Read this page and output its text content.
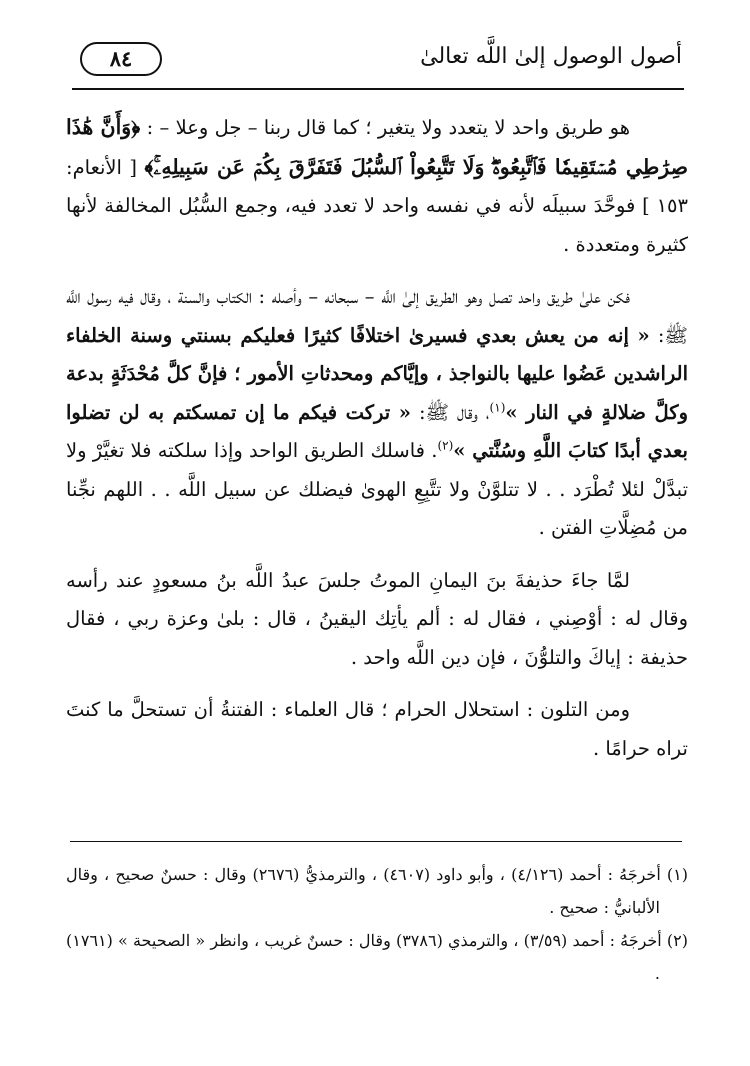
أصول الوصول إلىٰ اللَّه تعالىٰ
٨٤

هو طريق واحد لا يتعدد ولا يتغير ؛ كما قال ربنا – جل وعلا – : ﴿وَأَنَّ هَٰذَا صِرَٰطِي مُسۡتَقِيمٗا فَٱتَّبِعُوهُۖ وَلَا تَتَّبِعُواْ ٱلسُّبُلَ فَتَفَرَّقَ بِكُمۡ عَن سَبِيلِهِۦۚ﴾ [ الأنعام: ١٥٣ ] فوحَّدَ سبيلَه لأنه في نفسه واحد لا تعدد فيه، وجمع السُّبُل المخالفة لأنها كثيرة ومتعددة .

فكن علىٰ طريق واحد تصل وهو الطريق إلىٰ اللَّه – سبحانه – وأصله : الكتاب والسنة ، وقال فيه رسول اللَّه ﷺ: « إنه من يعش بعدي فسيرىٰ اختلافًا كثيرًا فعليكم بسنتي وسنة الخلفاء الراشدين عَضُوا عليها بالنواجذ ، وإيَّاكم ومحدثاتِ الأمور ؛ فإنَّ كلَّ مُحْدَثَةٍ بدعة وكلَّ ضلالةٍ في النار »$^{(١)}$، وقال ﷺ: « تركت فيكم ما إن تمسكتم به لن تضلوا بعدي أبدًا كتابَ اللَّهِ وسُنَّتي »$^{(٢)}$. فاسلك الطريق الواحد وإذا سلكته فلا تغيَّرْ ولا تبدَّلْ لئلا تُطْرَد . . لا تتلوَّنْ ولا تتَّبِعِ الهوىٰ فيضلك عن سبيل اللَّه . . اللهم نجِّنا من مُضِلَّاتِ الفتن .

لمَّا جاءَ حذيفةَ بنَ اليمانِ الموتُ جلسَ عبدُ اللَّه بنُ مسعودٍ عند رأسه وقال له : أوْصِني ، فقال له : ألم يأتِك اليقينُ ، قال : بلىٰ وعزة ربي ، فقال حذيفة : إياكَ والتلوُّنَ ، فإن دين اللَّه واحد .

ومن التلون : استحلال الحرام ؛ قال العلماء : الفتنةُ أن تستحلَّ ما كنتَ تراه حرامًا .

(١) أخرجَهُ : أحمد (٤/١٢٦) ، وأبو داود (٤٦٠٧) ، والترمذيُّ (٢٦٧٦) وقال : حسنٌ صحيح ، وقال الألبانيُّ : صحيح .

(٢) أخرجَهُ : أحمد (٣/٥٩) ، والترمذي (٣٧٨٦) وقال : حسنٌ غريب ، وانظر « الصحيحة » (١٧٦١) .
